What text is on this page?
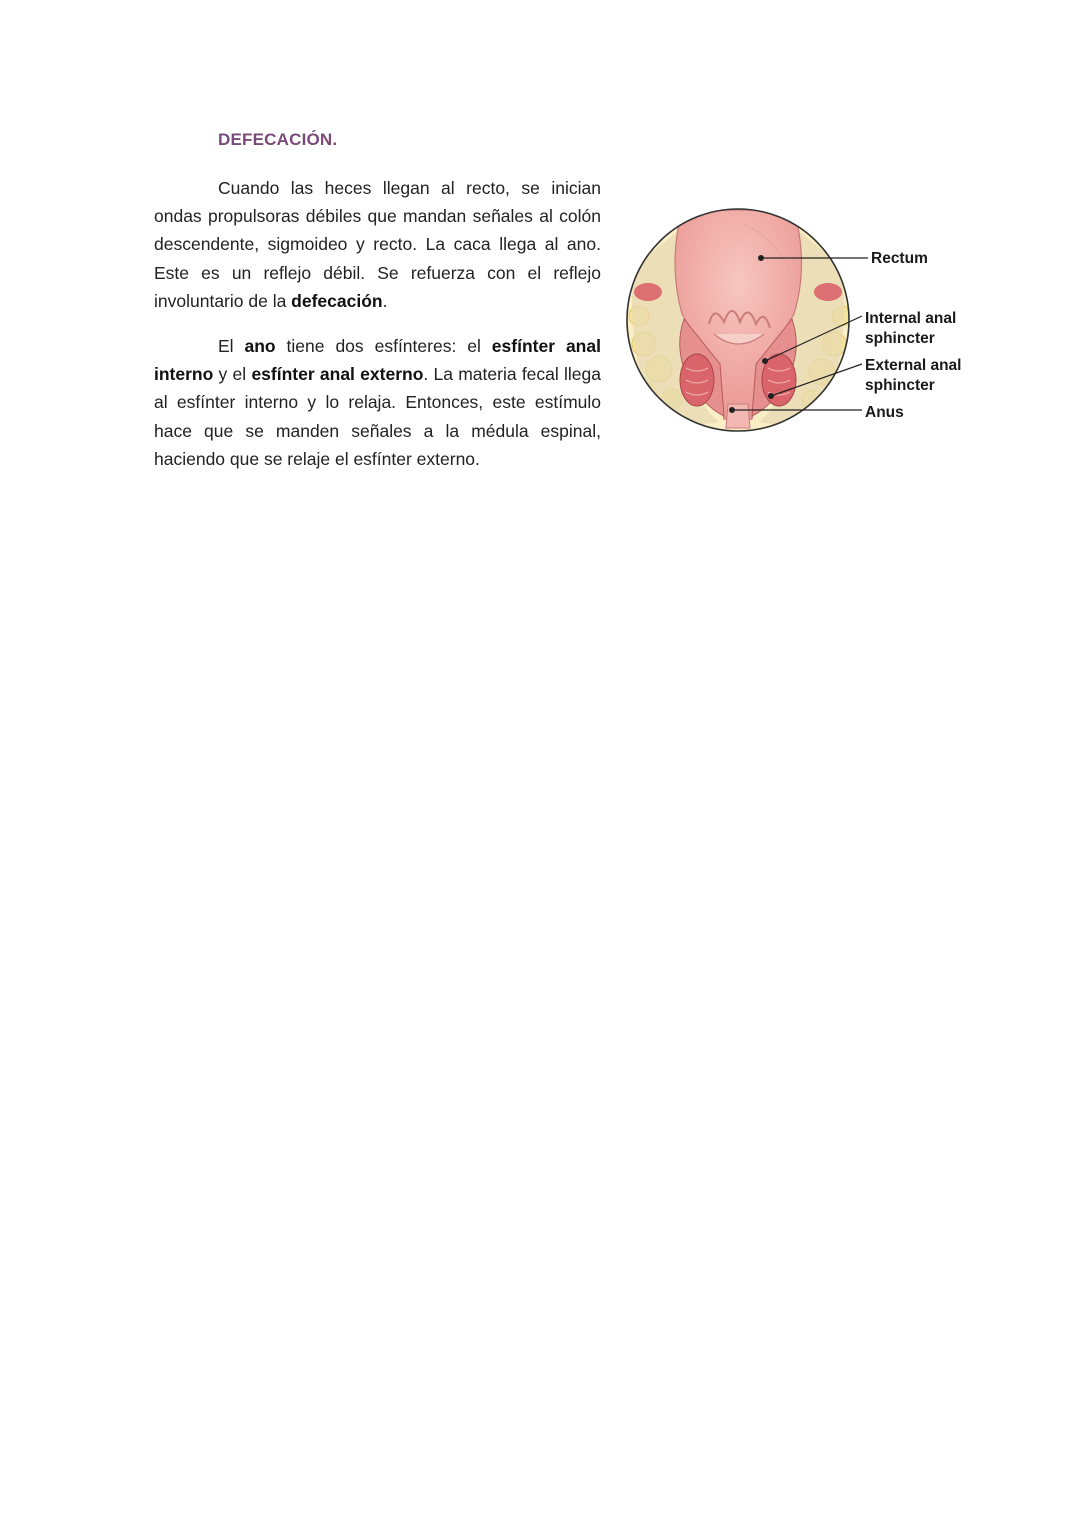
DEFECACIÓN.
Cuando las heces llegan al recto, se inician ondas propulsoras débiles que mandan señales al colón descendente, sigmoideo y recto. La caca llega al ano. Este es un reflejo débil. Se refuerza con el reflejo involuntario de la defecación.
El ano tiene dos esfínteres: el esfínter anal interno y el esfínter anal externo. La materia fecal llega al esfínter interno y lo relaja. Entonces, este estímulo hace que se manden señales a la médula espinal, haciendo que se relaje el esfínter externo.
Rectum
Internal anal
sphincter
External anal
sphincter
Anus
